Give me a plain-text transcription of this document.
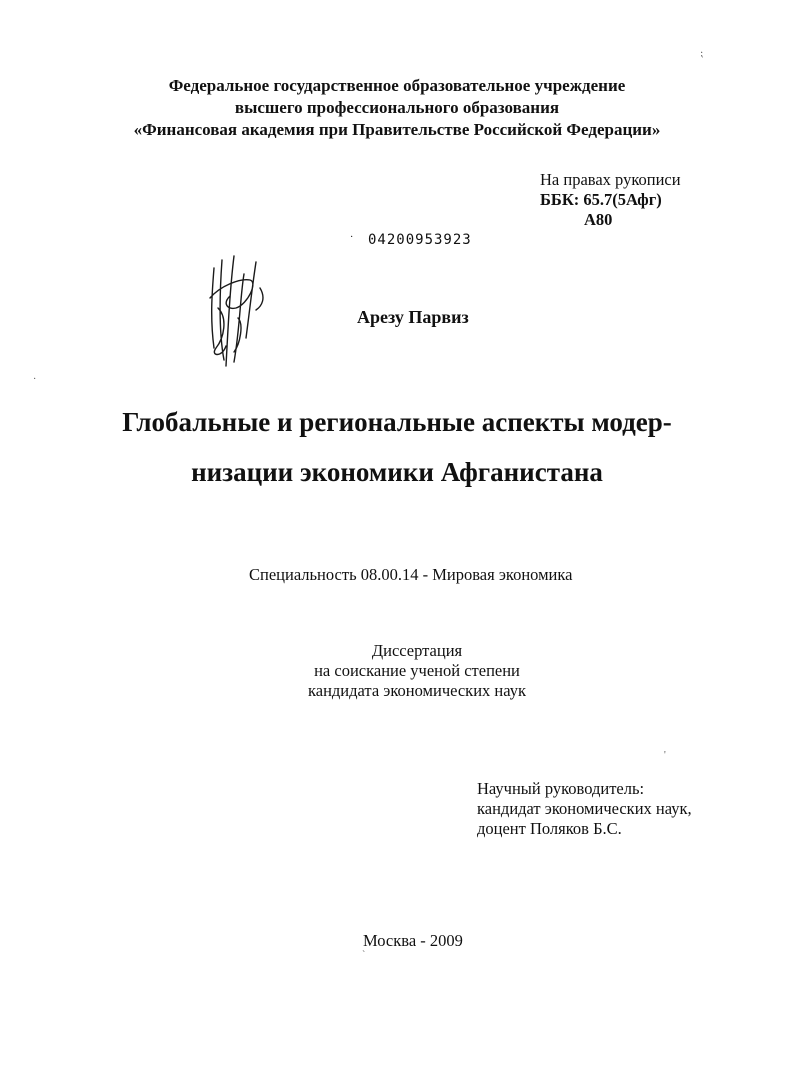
Федеральное государственное образовательное учреждение
высшего профессионального образования
«Финансовая академия при Правительстве Российской Федерации»
⁏
На правах рукописи
ББК: 65.7(5Афг)
А80
· 04200953923
Арезу Парвиз
·
Глобальные и региональные аспекты модер-
низации экономики Афганистана
Специальность 08.00.14 - Мировая экономика
Диссертация
на соискание ученой степени
кандидата экономических наук
'
Научный руководитель:
кандидат экономических наук,
доцент Поляков Б.С.
Москва - 2009
`
